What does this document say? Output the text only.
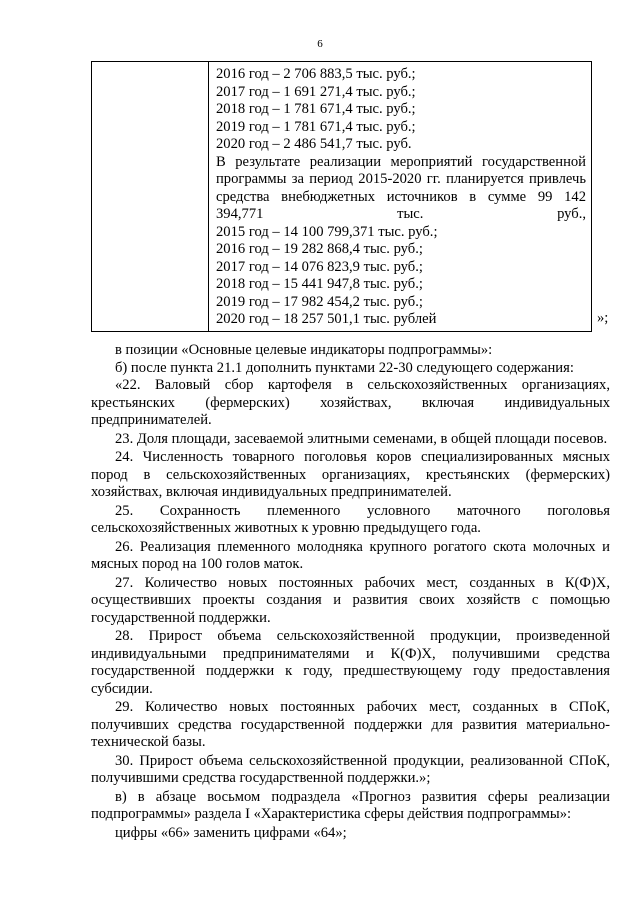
6
2016 год – 2 706 883,5 тыс. руб.;
2017 год – 1 691 271,4 тыс. руб.;
2018 год – 1 781 671,4 тыс. руб.;
2019 год – 1 781 671,4 тыс. руб.;
2020 год – 2 486 541,7 тыс. руб.
В результате реализации мероприятий государственной программы за период 2015-2020 гг. планируется привлечь средства внебюджетных источников в сумме 99 142 394,771 тыс. руб.,
2015 год – 14 100 799,371 тыс. руб.;
2016 год – 19 282 868,4 тыс. руб.;
2017 год – 14 076 823,9 тыс. руб.;
2018 год – 15 441 947,8 тыс. руб.;
2019 год – 17 982 454,2 тыс. руб.;
2020 год – 18 257 501,1 тыс. рублей	»;

в позиции «Основные целевые индикаторы подпрограммы»:

б) после пункта 21.1 дополнить пунктами 22-30 следующего содержания:

«22. Валовый сбор картофеля в сельскохозяйственных организациях, крестьянских (фермерских) хозяйствах, включая индивидуальных предпринимателей.

23. Доля площади, засеваемой элитными семенами, в общей площади посевов.

24. Численность товарного поголовья коров специализированных мясных пород в сельскохозяйственных организациях, крестьянских (фермерских) хозяйствах, включая индивидуальных предпринимателей.

25. Сохранность племенного условного маточного поголовья сельскохозяйственных животных к уровню предыдущего года.

26. Реализация племенного молодняка крупного рогатого скота молочных и мясных пород на 100 голов маток.

27. Количество новых постоянных рабочих мест, созданных в К(Ф)Х, осуществивших проекты создания и развития своих хозяйств с помощью государственной поддержки.

28. Прирост объема сельскохозяйственной продукции, произведенной индивидуальными предпринимателями и К(Ф)Х, получившими средства государственной поддержки к году, предшествующему году предоставления субсидии.

29. Количество новых постоянных рабочих мест, созданных в СПоК, получивших средства государственной поддержки для развития материально-технической базы.

30. Прирост объема сельскохозяйственной продукции, реализованной СПоК, получившими средства государственной поддержки.»;

в) в абзаце восьмом подраздела «Прогноз развития сферы реализации подпрограммы» раздела I «Характеристика сферы действия подпрограммы»:

цифры «66» заменить цифрами «64»;
